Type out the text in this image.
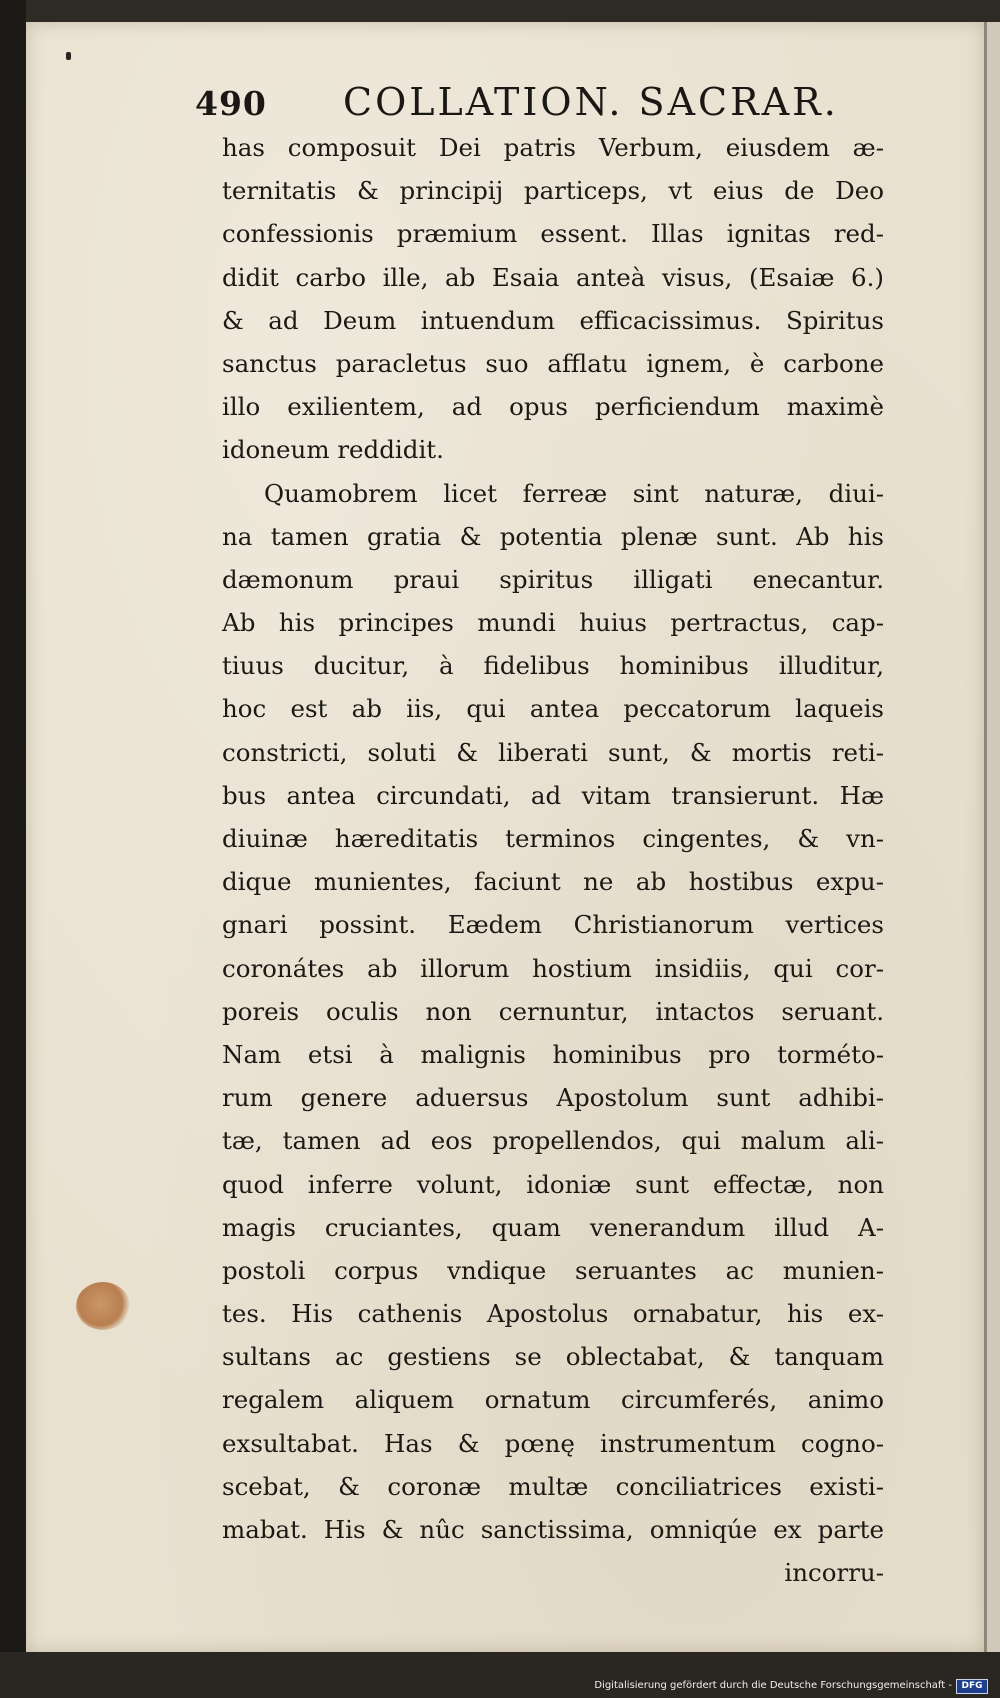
490 COLLATION. SACRAR.
has composuit Dei patris Verbum, eiusdem æ-
ternitatis & principij particeps, vt eius de Deo
confessionis præmium essent. Illas ignitas red-
didit carbo ille, ab Esaia anteà visus, (Esaiæ 6.)
& ad Deum intuendum efficacissimus. Spiritus
sanctus paracletus suo afflatu ignem, è carbone
illo exilientem, ad opus perficiendum maximè
idoneum reddidit.
Quamobrem licet ferreæ sint naturæ, diui-
na tamen gratia & potentia plenæ sunt. Ab his
dæmonum praui spiritus illigati enecantur.
Ab his principes mundi huius pertractus, cap-
tiuus ducitur, à fidelibus hominibus illuditur,
hoc est ab iis, qui antea peccatorum laqueis
constricti, soluti & liberati sunt, & mortis reti-
bus antea circundati, ad vitam transierunt. Hæ
diuinæ hæreditatis terminos cingentes, & vn-
dique munientes, faciunt ne ab hostibus expu-
gnari possint. Eædem Christianorum vertices
coronátes ab illorum hostium insidiis, qui cor-
poreis oculis non cernuntur, intactos seruant.
Nam etsi à malignis hominibus pro torméto-
rum genere aduersus Apostolum sunt adhibi-
tæ, tamen ad eos propellendos, qui malum ali-
quod inferre volunt, idoniæ sunt effectæ, non
magis cruciantes, quam venerandum illud A-
postoli corpus vndique seruantes ac munien-
tes. His cathenis Apostolus ornabatur, his ex-
sultans ac gestiens se oblectabat, & tanquam
regalem aliquem ornatum circumferés, animo
exsultabat. Has & pœnę instrumentum cogno-
scebat, & coronæ multæ conciliatrices existi-
mabat. His & nûc sanctissima, omniqúe ex parte
incorru-
Digitalisierung gefördert durch die Deutsche Forschungsgemeinschaft -	DFG
